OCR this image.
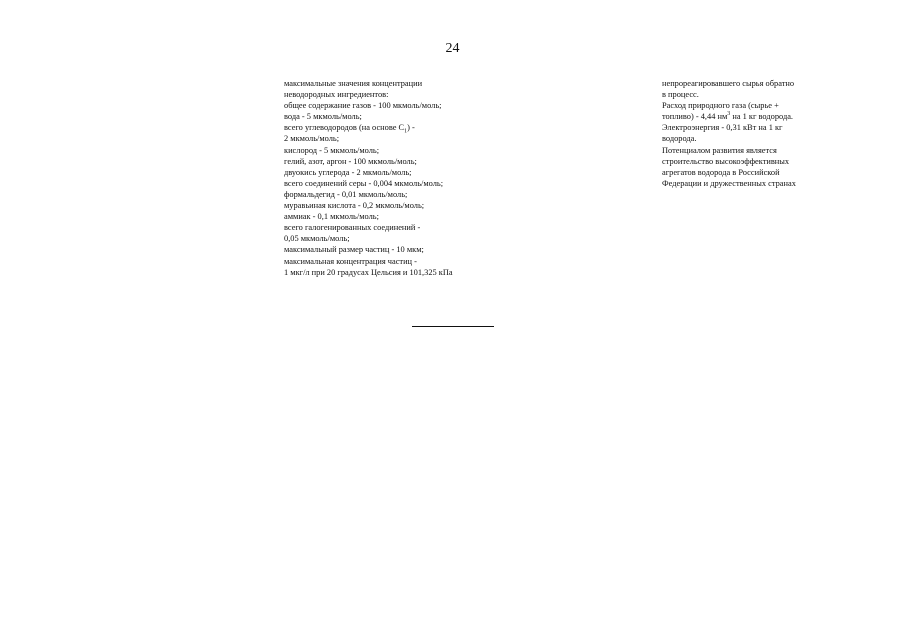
24
максимальные значения концентрации
неводородных ингредиентов:
общее содержание газов - 100 мкмоль/моль;
вода - 5 мкмоль/моль;
всего углеводородов (на основе $C_1$) -
2 мкмоль/моль;
кислород - 5 мкмоль/моль;
гелий, азот, аргон - 100 мкмоль/моль;
двуокись углерода - 2 мкмоль/моль;
всего соединений серы - 0,004 мкмоль/моль;
формальдегид - 0,01 мкмоль/моль;
муравьиная кислота - 0,2 мкмоль/моль;
аммиак - 0,1 мкмоль/моль;
всего галогенированных соединений -
0,05 мкмоль/моль;
максимальный размер частиц - 10 мкм;
максимальная концентрация частиц -
1 мкг/л при 20 градусах Цельсия и 101,325 кПа
непрореагировавшего сырья обратно
в процесс.
Расход природного газа (сырье +
топливо) - 4,44 $нм^3$ на 1 кг водорода.
Электроэнергия - 0,31 кВт на 1 кг
водорода.
Потенциалом развития является
строительство высокоэффективных
агрегатов водорода в Российской
Федерации и дружественных странах
